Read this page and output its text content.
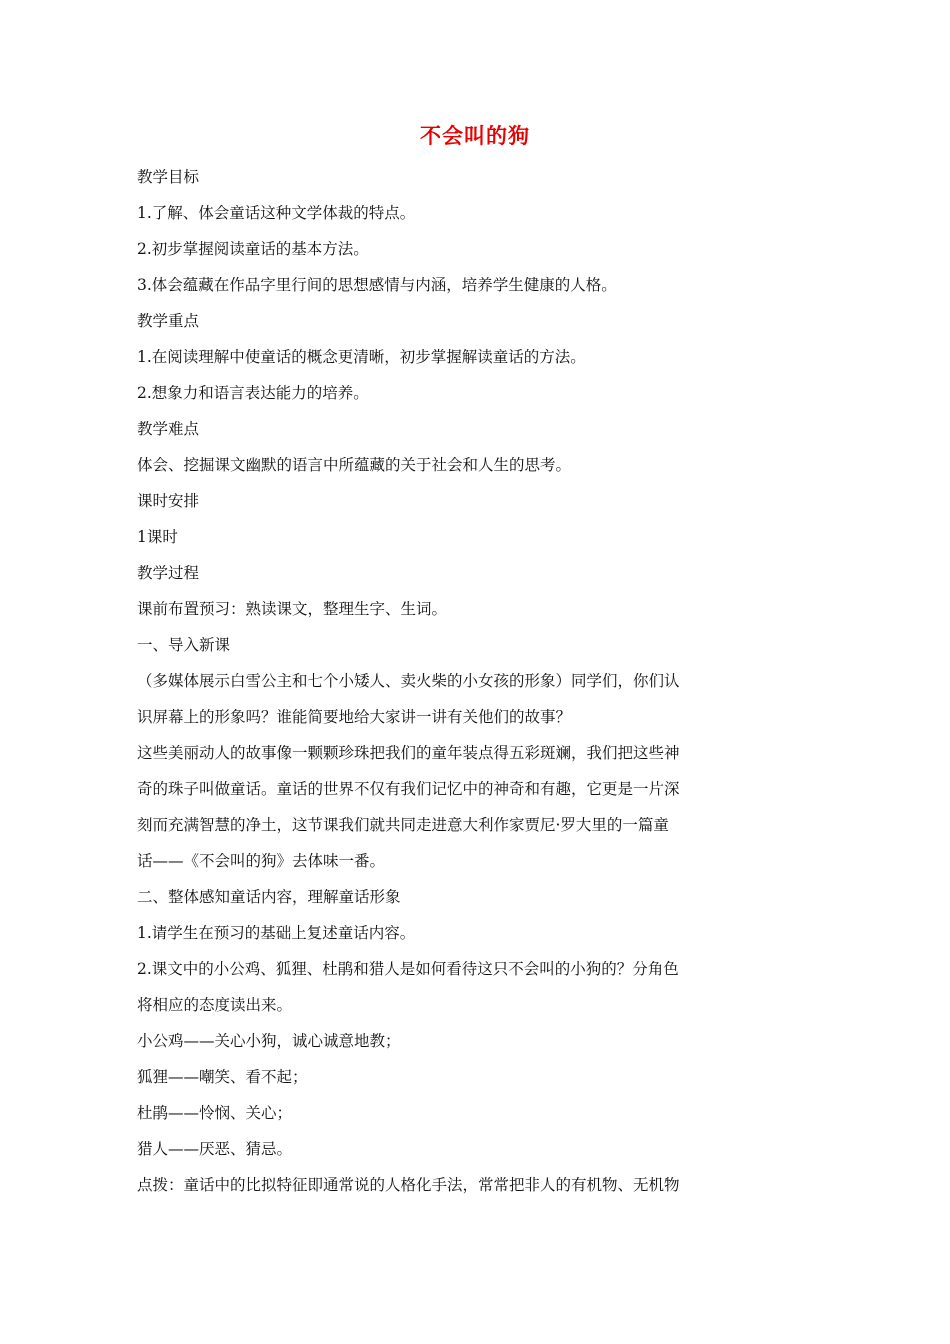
不会叫的狗

教学目标

1.了解、体会童话这种文学体裁的特点。

2.初步掌握阅读童话的基本方法。

3.体会蕴藏在作品字里行间的思想感情与内涵，培养学生健康的人格。

教学重点

1.在阅读理解中使童话的概念更清晰，初步掌握解读童话的方法。

2.想象力和语言表达能力的培养。

教学难点

体会、挖掘课文幽默的语言中所蕴藏的关于社会和人生的思考。

课时安排

1课时

教学过程

课前布置预习：熟读课文，整理生字、生词。

一、导入新课

（多媒体展示白雪公主和七个小矮人、卖火柴的小女孩的形象）同学们，你们认

识屏幕上的形象吗？谁能简要地给大家讲一讲有关他们的故事？

这些美丽动人的故事像一颗颗珍珠把我们的童年装点得五彩斑斓，我们把这些神

奇的珠子叫做童话。童话的世界不仅有我们记忆中的神奇和有趣，它更是一片深

刻而充满智慧的净土，这节课我们就共同走进意大利作家贾尼·罗大里的一篇童

话——《不会叫的狗》去体味一番。

二、整体感知童话内容，理解童话形象

1.请学生在预习的基础上复述童话内容。

2.课文中的小公鸡、狐狸、杜鹃和猎人是如何看待这只不会叫的小狗的？分角色

将相应的态度读出来。

小公鸡——关心小狗，诚心诚意地教；

狐狸——嘲笑、看不起；

杜鹃——怜悯、关心；

猎人——厌恶、猜忌。

点拨：童话中的比拟特征即通常说的人格化手法，常常把非人的有机物、无机物
